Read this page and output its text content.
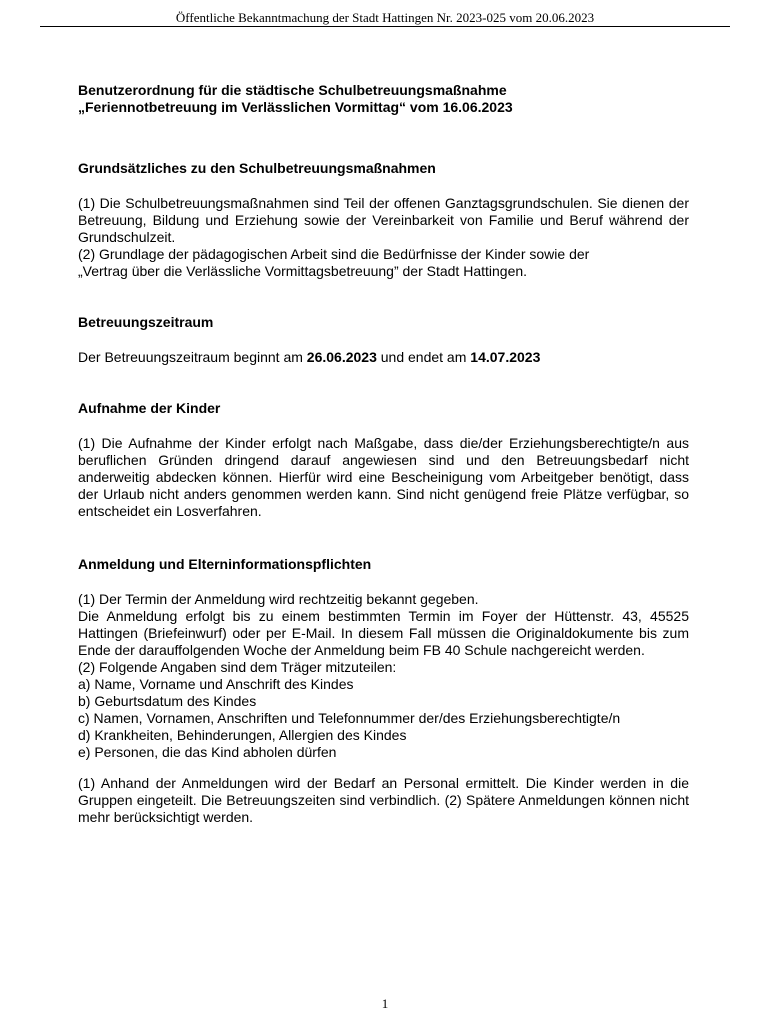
Öffentliche Bekanntmachung der Stadt Hattingen Nr. 2023-025 vom 20.06.2023

Benutzerordnung für die städtische Schulbetreuungsmaßnahme

„Feriennotbetreuung im Verlässlichen Vormittag“ vom 16.06.2023

Grundsätzliches zu den Schulbetreuungsmaßnahmen

(1) Die Schulbetreuungsmaßnahmen sind Teil der offenen Ganztagsgrundschulen. Sie dienen der Betreuung, Bildung und Erziehung sowie der Vereinbarkeit von Familie und Beruf während der Grundschulzeit.

(2) Grundlage der pädagogischen Arbeit sind die Bedürfnisse der Kinder sowie der

„Vertrag über die Verlässliche Vormittagsbetreuung” der Stadt Hattingen.

Betreuungszeitraum

Der Betreuungszeitraum beginnt am 26.06.2023 und endet am 14.07.2023

Aufnahme der Kinder

(1) Die Aufnahme der Kinder erfolgt nach Maßgabe, dass die/der Erziehungsberechtigte/n aus beruflichen Gründen dringend darauf angewiesen sind und den Betreuungsbedarf nicht anderweitig abdecken können. Hierfür wird eine Bescheinigung vom Arbeitgeber benötigt, dass der Urlaub nicht anders genommen werden kann. Sind nicht genügend freie Plätze verfügbar, so entscheidet ein Losverfahren.

Anmeldung und Elterninformationspflichten

(1) Der Termin der Anmeldung wird rechtzeitig bekannt gegeben.

Die Anmeldung erfolgt bis zu einem bestimmten Termin im Foyer der Hüttenstr. 43, 45525 Hattingen (Briefeinwurf) oder per E-Mail. In diesem Fall müssen die Originaldokumente bis zum Ende der darauffolgenden Woche der Anmeldung beim FB 40 Schule nachgereicht werden.

(2) Folgende Angaben sind dem Träger mitzuteilen:

a) Name, Vorname und Anschrift des Kindes

b) Geburtsdatum des Kindes

c) Namen, Vornamen, Anschriften und Telefonnummer der/des Erziehungsberechtigte/n

d) Krankheiten, Behinderungen, Allergien des Kindes

e) Personen, die das Kind abholen dürfen

(1) Anhand der Anmeldungen wird der Bedarf an Personal ermittelt. Die Kinder werden in die Gruppen eingeteilt. Die Betreuungszeiten sind verbindlich. (2) Spätere Anmeldungen können nicht mehr berücksichtigt werden.

1
